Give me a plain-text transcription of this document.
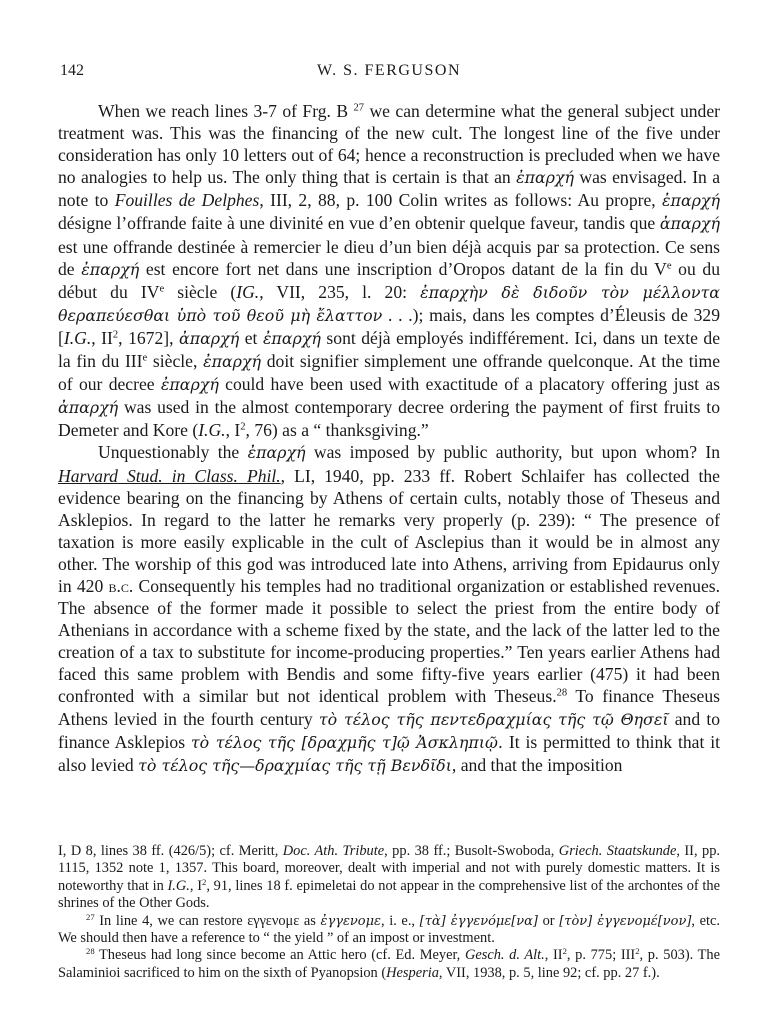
142	W. S. FERGUSON

When we reach lines 3-7 of Frg. B $^{27}$ we can determine what the general subject under treatment was. This was the financing of the new cult. The longest line of the five under consideration has only 10 letters out of 64; hence a reconstruction is precluded when we have no analogies to help us. The only thing that is certain is that an ἐπαρχή was envisaged. In a note to Fouilles de Delphes, III, 2, 88, p. 100 Colin writes as follows: Au propre, ἐπαρχή désigne l’offrande faite à une divinité en vue d’en obtenir quelque faveur, tandis que ἀπαρχή est une offrande destinée à remercier le dieu d’un bien déjà acquis par sa protection. Ce sens de ἐπαρχή est encore fort net dans une inscription d’Oropos datant de la fin du Ve ou du début du IVe siècle (IG., VII, 235, l. 20: ἐπαρχὴν δὲ διδοῦν τὸν μέλλοντα θεραπεύεσθαι ὑπὸ τοῦ θεοῦ μὴ ἔλαττον . . .); mais, dans les comptes d’Éleusis de 329 [I.G., $II^2$, 1672], ἀπαρχή et ἐπαρχή sont déjà employés indifférement. Ici, dans un texte de la fin du IIIe siècle, ἐπαρχή doit signifier simplement une offrande quelconque. At the time of our decree ἐπαρχή could have been used with exactitude of a placatory offering just as ἀπαρχή was used in the almost contemporary decree ordering the payment of first fruits to Demeter and Kore (I.G., $I^2$, 76) as a “ thanksgiving.”

Unquestionably the ἐπαρχή was imposed by public authority, but upon whom? In Harvard Stud. in Class. Phil., LI, 1940, pp. 233 ff. Robert Schlaifer has collected the evidence bearing on the financing by Athens of certain cults, notably those of Theseus and Asklepios. In regard to the latter he remarks very properly (p. 239): “ The presence of taxation is more easily explicable in the cult of Asclepius than it would be in almost any other. The worship of this god was introduced late into Athens, arriving from Epidaurus only in 420 b.c. Consequently his temples had no traditional organization or established revenues. The absence of the former made it possible to select the priest from the entire body of Athenians in accordance with a scheme fixed by the state, and the lack of the latter led to the creation of a tax to substitute for income-producing properties.” Ten years earlier Athens had faced this same problem with Bendis and some fifty-five years earlier (475) it had been confronted with a similar but not identical problem with Theseus.$^{28}$ To finance Theseus Athens levied in the fourth century τὸ τέλος τῆς πεντεδραχμίας τῆς τῷ Θησεῖ and to finance Asklepios τὸ τέλος τῆς [δραχμῆς τ]ῷ Ἀσκληπιῷ. It is permitted to think that it also levied τὸ τέλος τῆς—δραχμίας τῆς τῇ Βενδῖδι, and that the imposition

I, D 8, lines 38 ff. (426/5); cf. Meritt, Doc. Ath. Tribute, pp. 38 ff.; Busolt-Swoboda, Griech. Staatskunde, II, pp. 1115, 1352 note 1, 1357. This board, moreover, dealt with imperial and not with purely domestic matters. It is noteworthy that in I.G., $I^2$, 91, lines 18 f. epimeletai do not appear in the comprehensive list of the archontes of the shrines of the Other Gods.

$^{27}$ In line 4, we can restore εγγενομε as ἐγγενομε, i. e., [τὰ] ἐγγενόμε[να] or [τὸν] ἐγγενομέ[νον], etc. We should then have a reference to “ the yield ” of an impost or investment.

$^{28}$ Theseus had long since become an Attic hero (cf. Ed. Meyer, Gesch. d. Alt., $II^2$, p. 775; III$^2$, p. 503). The Salaminioi sacrificed to him on the sixth of Pyanopsion (Hesperia, VII, 1938, p. 5, line 92; cf. pp. 27 f.).
